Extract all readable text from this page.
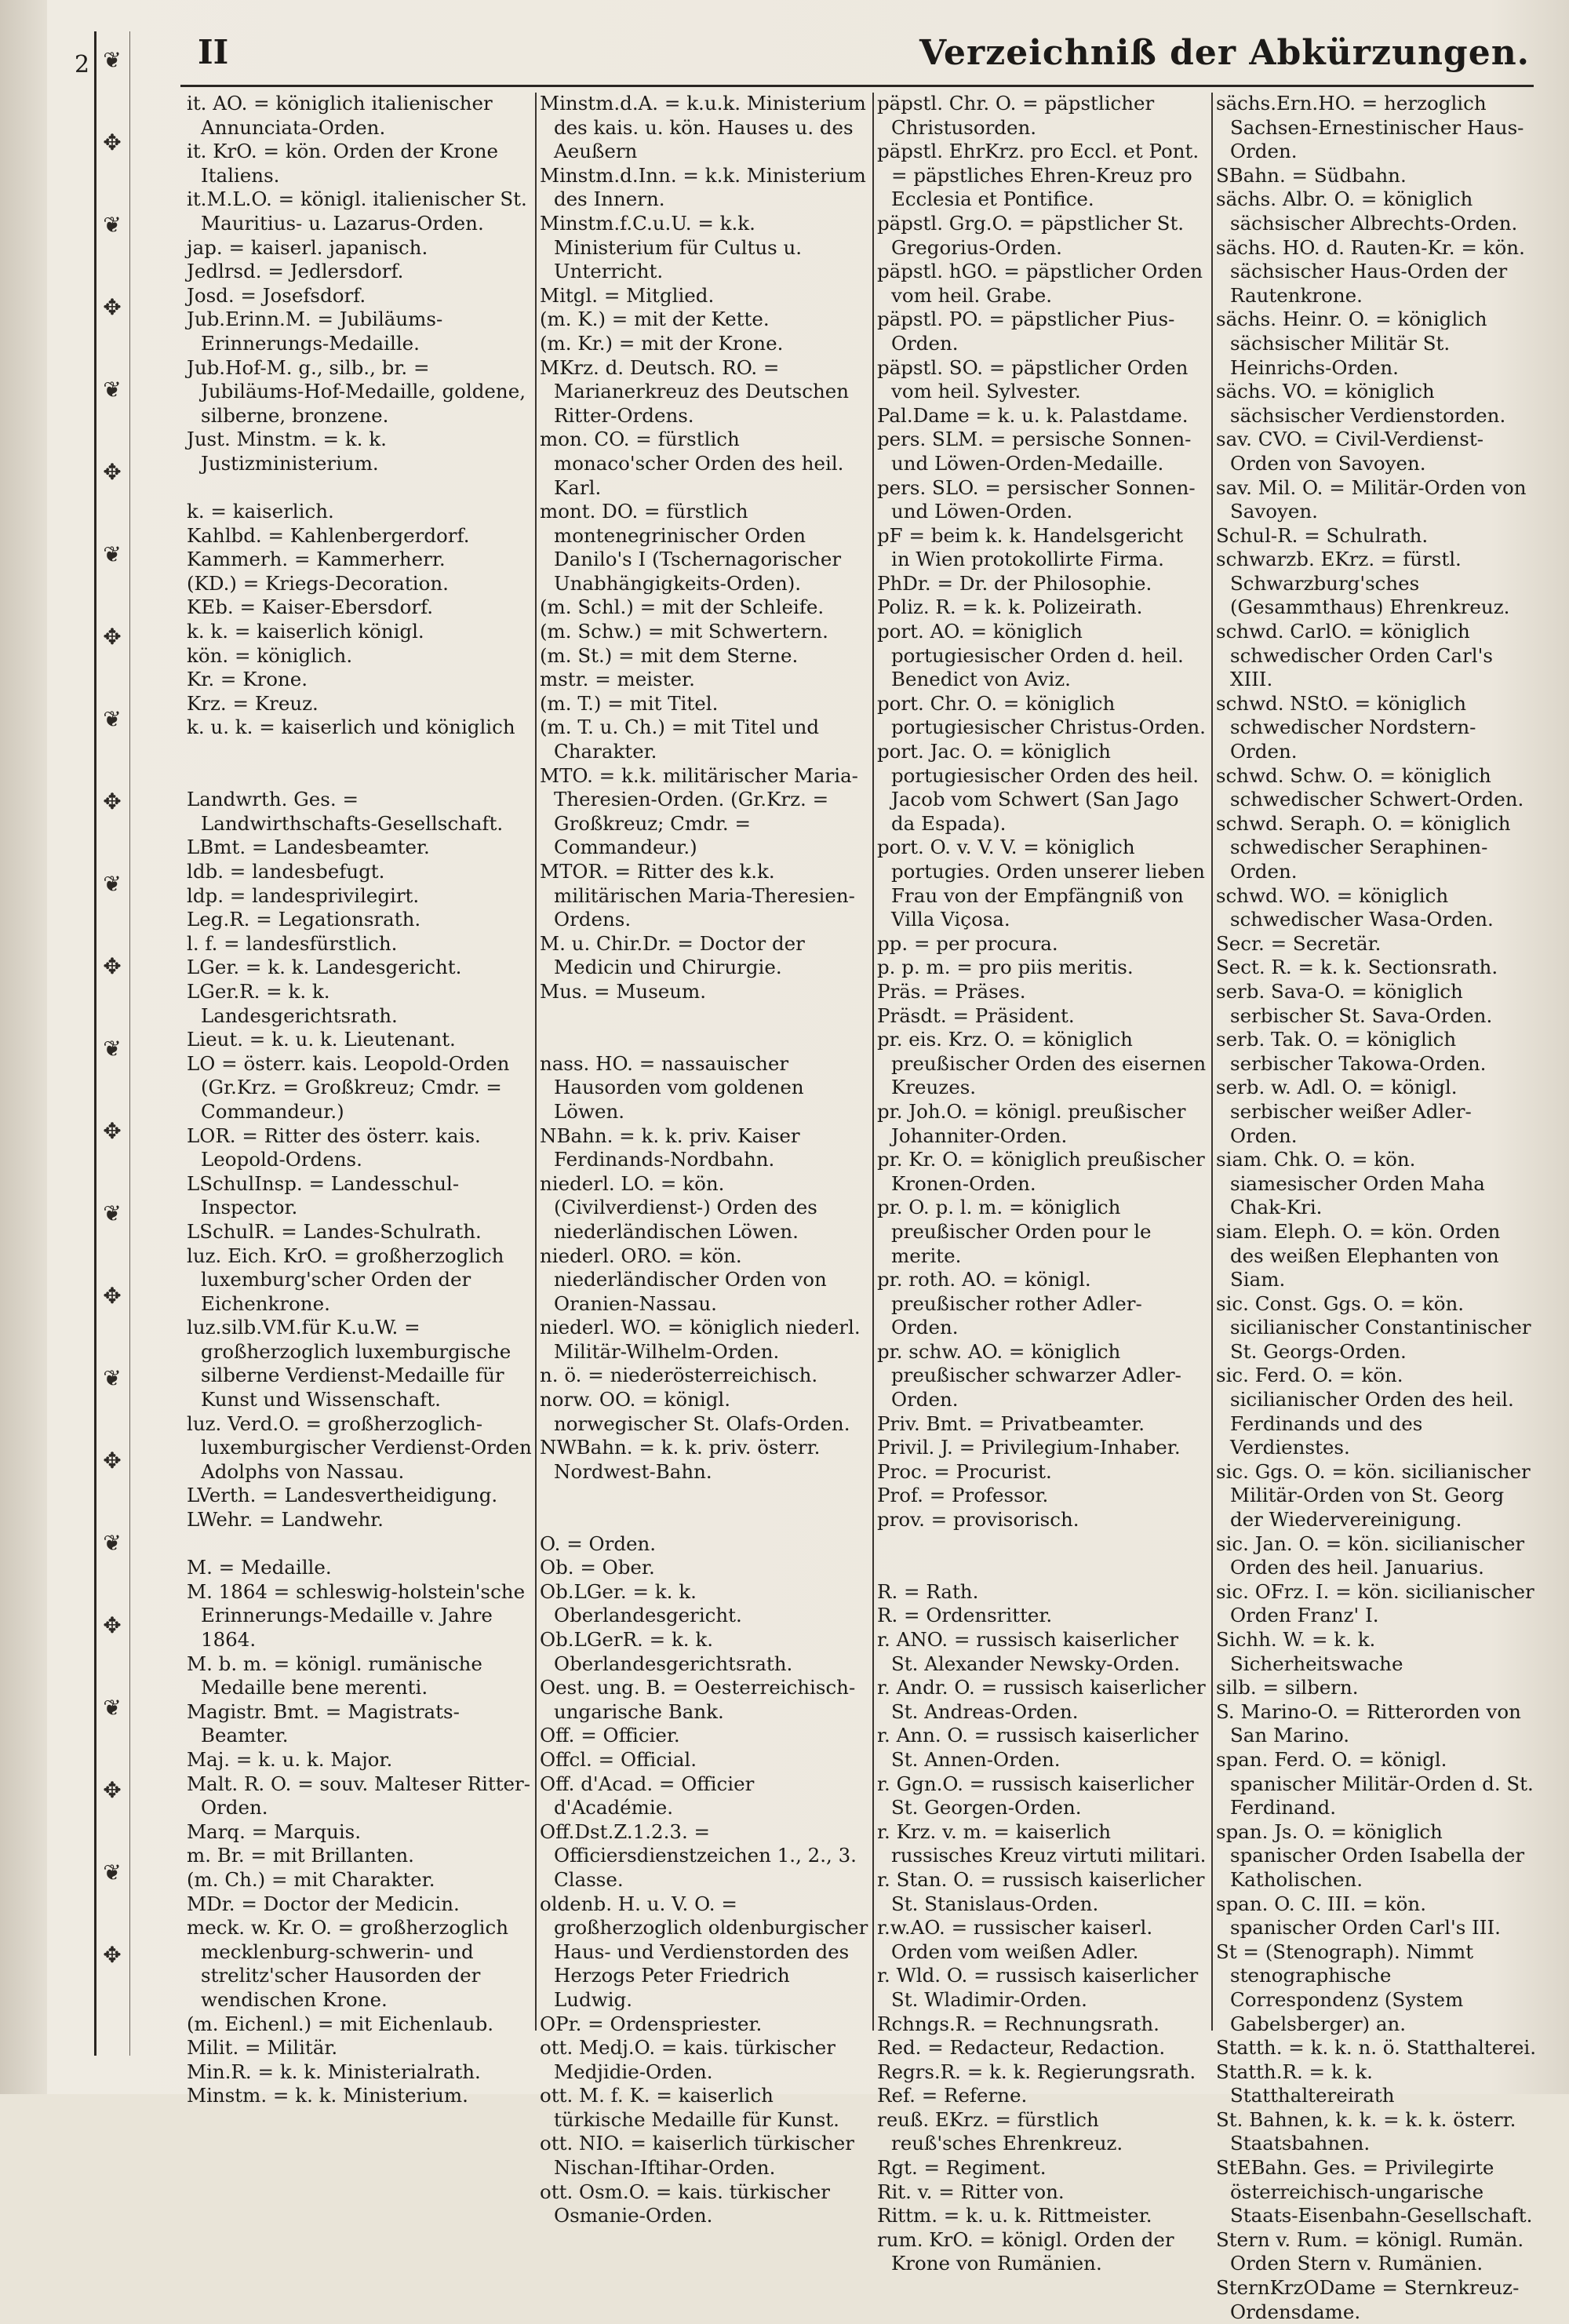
2 ❦
✥
❦
✥
❦
✥
❦
✥
❦
✥
❦
✥
❦
✥
❦
✥
❦
✥
❦
✥
❦
✥
❦
✥
II	Verzeichniß der Abkürzungen.
it. AO. = königlich italienischer Annunciata-Orden.
it. KrO. = kön. Orden der Krone Italiens.
it.M.L.O. = königl. italienischer St. Mauritius- u. Lazarus-Orden.
jap. = kaiserl. japanisch.
Jedlrsd. = Jedlersdorf.
Josd. = Josefsdorf.
Jub.Erinn.M. = Jubiläums-Erinnerungs-Medaille.
Jub.Hof-M. g., silb., br. = Jubiläums-Hof-Medaille, goldene, silberne, bronzene.
Just. Minstm. = k. k. Justizministerium.
k. = kaiserlich.
Kahlbd. = Kahlenbergerdorf.
Kammerh. = Kammerherr.
(KD.) = Kriegs-Decoration.
KEb. = Kaiser-Ebersdorf.
k. k. = kaiserlich königl.
kön. = königlich.
Kr. = Krone.
Krz. = Kreuz.
k. u. k. = kaiserlich und königlich
Landwrth. Ges. = Landwirthschafts-Gesellschaft.
LBmt. = Landesbeamter.
ldb. = landesbefugt.
ldp. = landesprivilegirt.
Leg.R. = Legationsrath.
l. f. = landesfürstlich.
LGer. = k. k. Landesgericht.
LGer.R. = k. k. Landesgerichtsrath.
Lieut. = k. u. k. Lieutenant.
LO = österr. kais. Leopold-Orden (Gr.Krz. = Großkreuz; Cmdr. = Commandeur.)
LOR. = Ritter des österr. kais. Leopold-Ordens.
LSchulInsp. = Landesschul-Inspector.
LSchulR. = Landes-Schulrath.
luz. Eich. KrO. = großherzoglich luxemburg'scher Orden der Eichenkrone.
luz.silb.VM.für K.u.W. = großherzoglich luxemburgische silberne Verdienst-Medaille für Kunst und Wissenschaft.
luz. Verd.O. = großherzoglich-luxemburgischer Verdienst-Orden Adolphs von Nassau.
LVerth. = Landesvertheidigung.
LWehr. = Landwehr.
M. = Medaille.
M. 1864 = schleswig-holstein'sche Erinnerungs-Medaille v. Jahre 1864.
M. b. m. = königl. rumänische Medaille bene merenti.
Magistr. Bmt. = Magistrats-Beamter.
Maj. = k. u. k. Major.
Malt. R. O. = souv. Malteser Ritter-Orden.
Marq. = Marquis.
m. Br. = mit Brillanten.
(m. Ch.) = mit Charakter.
MDr. = Doctor der Medicin.
meck. w. Kr. O. = großherzoglich mecklenburg-schwerin- und strelitz'scher Hausorden der wendischen Krone.
(m. Eichenl.) = mit Eichenlaub.
Milit. = Militär.
Min.R. = k. k. Ministerialrath.
Minstm. = k. k. Ministerium.
Minstm.d.A. = k.u.k. Ministerium des kais. u. kön. Hauses u. des Aeußern
Minstm.d.Inn. = k.k. Ministerium des Innern.
Minstm.f.C.u.U. = k.k. Ministerium für Cultus u. Unterricht.
Mitgl. = Mitglied.
(m. K.) = mit der Kette.
(m. Kr.) = mit der Krone.
MKrz. d. Deutsch. RO. = Marianerkreuz des Deutschen Ritter-Ordens.
mon. CO. = fürstlich monaco'scher Orden des heil. Karl.
mont. DO. = fürstlich montenegrinischer Orden Danilo's I (Tschernagorischer Unabhängigkeits-Orden).
(m. Schl.) = mit der Schleife.
(m. Schw.) = mit Schwertern.
(m. St.) = mit dem Sterne.
mstr. = meister.
(m. T.) = mit Titel.
(m. T. u. Ch.) = mit Titel und Charakter.
MTO. = k.k. militärischer Maria-Theresien-Orden. (Gr.Krz. = Großkreuz; Cmdr. = Commandeur.)
MTOR. = Ritter des k.k. militärischen Maria-Theresien-Ordens.
M. u. Chir.Dr. = Doctor der Medicin und Chirurgie.
Mus. = Museum.
nass. HO. = nassauischer Hausorden vom goldenen Löwen.
NBahn. = k. k. priv. Kaiser Ferdinands-Nordbahn.
niederl. LO. = kön. (Civilverdienst-) Orden des niederländischen Löwen.
niederl. ORO. = kön. niederländischer Orden von Oranien-Nassau.
niederl. WO. = königlich niederl. Militär-Wilhelm-Orden.
n. ö. = niederösterreichisch.
norw. OO. = königl. norwegischer St. Olafs-Orden.
NWBahn. = k. k. priv. österr. Nordwest-Bahn.
O. = Orden.
Ob. = Ober.
Ob.LGer. = k. k. Oberlandesgericht.
Ob.LGerR. = k. k. Oberlandesgerichtsrath.
Oest. ung. B. = Oesterreichisch-ungarische Bank.
Off. = Officier.
Offcl. = Official.
Off. d'Acad. = Officier d'Académie.
Off.Dst.Z.1.2.3. = Officiersdienstzeichen 1., 2., 3. Classe.
oldenb. H. u. V. O. = großherzoglich oldenburgischer Haus- und Verdienstorden des Herzogs Peter Friedrich Ludwig.
OPr. = Ordenspriester.
ott. Medj.O. = kais. türkischer Medjidie-Orden.
ott. M. f. K. = kaiserlich türkische Medaille für Kunst.
ott. NIO. = kaiserlich türkischer Nischan-Iftihar-Orden.
ott. Osm.O. = kais. türkischer Osmanie-Orden.
päpstl. Chr. O. = päpstlicher Christusorden.
päpstl. EhrKrz. pro Eccl. et Pont. = päpstliches Ehren-Kreuz pro Ecclesia et Pontifice.
päpstl. Grg.O. = päpstlicher St. Gregorius-Orden.
päpstl. hGO. = päpstlicher Orden vom heil. Grabe.
päpstl. PO. = päpstlicher Pius-Orden.
päpstl. SO. = päpstlicher Orden vom heil. Sylvester.
Pal.Dame = k. u. k. Palastdame.
pers. SLM. = persische Sonnen- und Löwen-Orden-Medaille.
pers. SLO. = persischer Sonnen- und Löwen-Orden.
pF = beim k. k. Handelsgericht in Wien protokollirte Firma.
PhDr. = Dr. der Philosophie.
Poliz. R. = k. k. Polizeirath.
port. AO. = königlich portugiesischer Orden d. heil. Benedict von Aviz.
port. Chr. O. = königlich portugiesischer Christus-Orden.
port. Jac. O. = königlich portugiesischer Orden des heil. Jacob vom Schwert (San Jago da Espada).
port. O. v. V. V. = königlich portugies. Orden unserer lieben Frau von der Empfängniß von Villa Viçosa.
pp. = per procura.
p. p. m. = pro piis meritis.
Präs. = Präses.
Präsdt. = Präsident.
pr. eis. Krz. O. = königlich preußischer Orden des eisernen Kreuzes.
pr. Joh.O. = königl. preußischer Johanniter-Orden.
pr. Kr. O. = königlich preußischer Kronen-Orden.
pr. O. p. l. m. = königlich preußischer Orden pour le merite.
pr. roth. AO. = königl. preußischer rother Adler-Orden.
pr. schw. AO. = königlich preußischer schwarzer Adler-Orden.
Priv. Bmt. = Privatbeamter.
Privil. J. = Privilegium-Inhaber.
Proc. = Procurist.
Prof. = Professor.
prov. = provisorisch.
R. = Rath.
R. = Ordensritter.
r. ANO. = russisch kaiserlicher St. Alexander Newsky-Orden.
r. Andr. O. = russisch kaiserlicher St. Andreas-Orden.
r. Ann. O. = russisch kaiserlicher St. Annen-Orden.
r. Ggn.O. = russisch kaiserlicher St. Georgen-Orden.
r. Krz. v. m. = kaiserlich russisches Kreuz virtuti militari.
r. Stan. O. = russisch kaiserlicher St. Stanislaus-Orden.
r.w.AO. = russischer kaiserl. Orden vom weißen Adler.
r. Wld. O. = russisch kaiserlicher St. Wladimir-Orden.
Rchngs.R. = Rechnungsrath.
Red. = Redacteur, Redaction.
Regrs.R. = k. k. Regierungsrath.
Ref. = Referne.
reuß. EKrz. = fürstlich reuß'sches Ehrenkreuz.
Rgt. = Regiment.
Rit. v. = Ritter von.
Rittm. = k. u. k. Rittmeister.
rum. KrO. = königl. Orden der Krone von Rumänien.
sächs.Ern.HO. = herzoglich Sachsen-Ernestinischer Haus-Orden.
SBahn. = Südbahn.
sächs. Albr. O. = königlich sächsischer Albrechts-Orden.
sächs. HO. d. Rauten-Kr. = kön. sächsischer Haus-Orden der Rautenkrone.
sächs. Heinr. O. = königlich sächsischer Militär St. Heinrichs-Orden.
sächs. VO. = königlich sächsischer Verdienstorden.
sav. CVO. = Civil-Verdienst-Orden von Savoyen.
sav. Mil. O. = Militär-Orden von Savoyen.
Schul-R. = Schulrath.
schwarzb. EKrz. = fürstl. Schwarzburg'sches (Gesammthaus) Ehrenkreuz.
schwd. CarlO. = königlich schwedischer Orden Carl's XIII.
schwd. NStO. = königlich schwedischer Nordstern-Orden.
schwd. Schw. O. = königlich schwedischer Schwert-Orden.
schwd. Seraph. O. = königlich schwedischer Seraphinen-Orden.
schwd. WO. = königlich schwedischer Wasa-Orden.
Secr. = Secretär.
Sect. R. = k. k. Sectionsrath.
serb. Sava-O. = königlich serbischer St. Sava-Orden.
serb. Tak. O. = königlich serbischer Takowa-Orden.
serb. w. Adl. O. = königl. serbischer weißer Adler-Orden.
siam. Chk. O. = kön. siamesischer Orden Maha Chak-Kri.
siam. Eleph. O. = kön. Orden des weißen Elephanten von Siam.
sic. Const. Ggs. O. = kön. sicilianischer Constantinischer St. Georgs-Orden.
sic. Ferd. O. = kön. sicilianischer Orden des heil. Ferdinands und des Verdienstes.
sic. Ggs. O. = kön. sicilianischer Militär-Orden von St. Georg der Wiedervereinigung.
sic. Jan. O. = kön. sicilianischer Orden des heil. Januarius.
sic. OFrz. I. = kön. sicilianischer Orden Franz' I.
Sichh. W. = k. k. Sicherheitswache
silb. = silbern.
S. Marino-O. = Ritterorden von San Marino.
span. Ferd. O. = königl. spanischer Militär-Orden d. St. Ferdinand.
span. Js. O. = königlich spanischer Orden Isabella der Katholischen.
span. O. C. III. = kön. spanischer Orden Carl's III.
St = (Stenograph). Nimmt stenographische Correspondenz (System Gabelsberger) an.
Statth. = k. k. n. ö. Statthalterei.
Statth.R. = k. k. Statthaltereirath
St. Bahnen, k. k. = k. k. österr. Staatsbahnen.
StEBahn. Ges. = Privilegirte österreichisch-ungarische Staats-Eisenbahn-Gesellschaft.
Stern v. Rum. = königl. Rumän. Orden Stern v. Rumänien.
SternKrzODame = Sternkreuz-Ordensdame.
